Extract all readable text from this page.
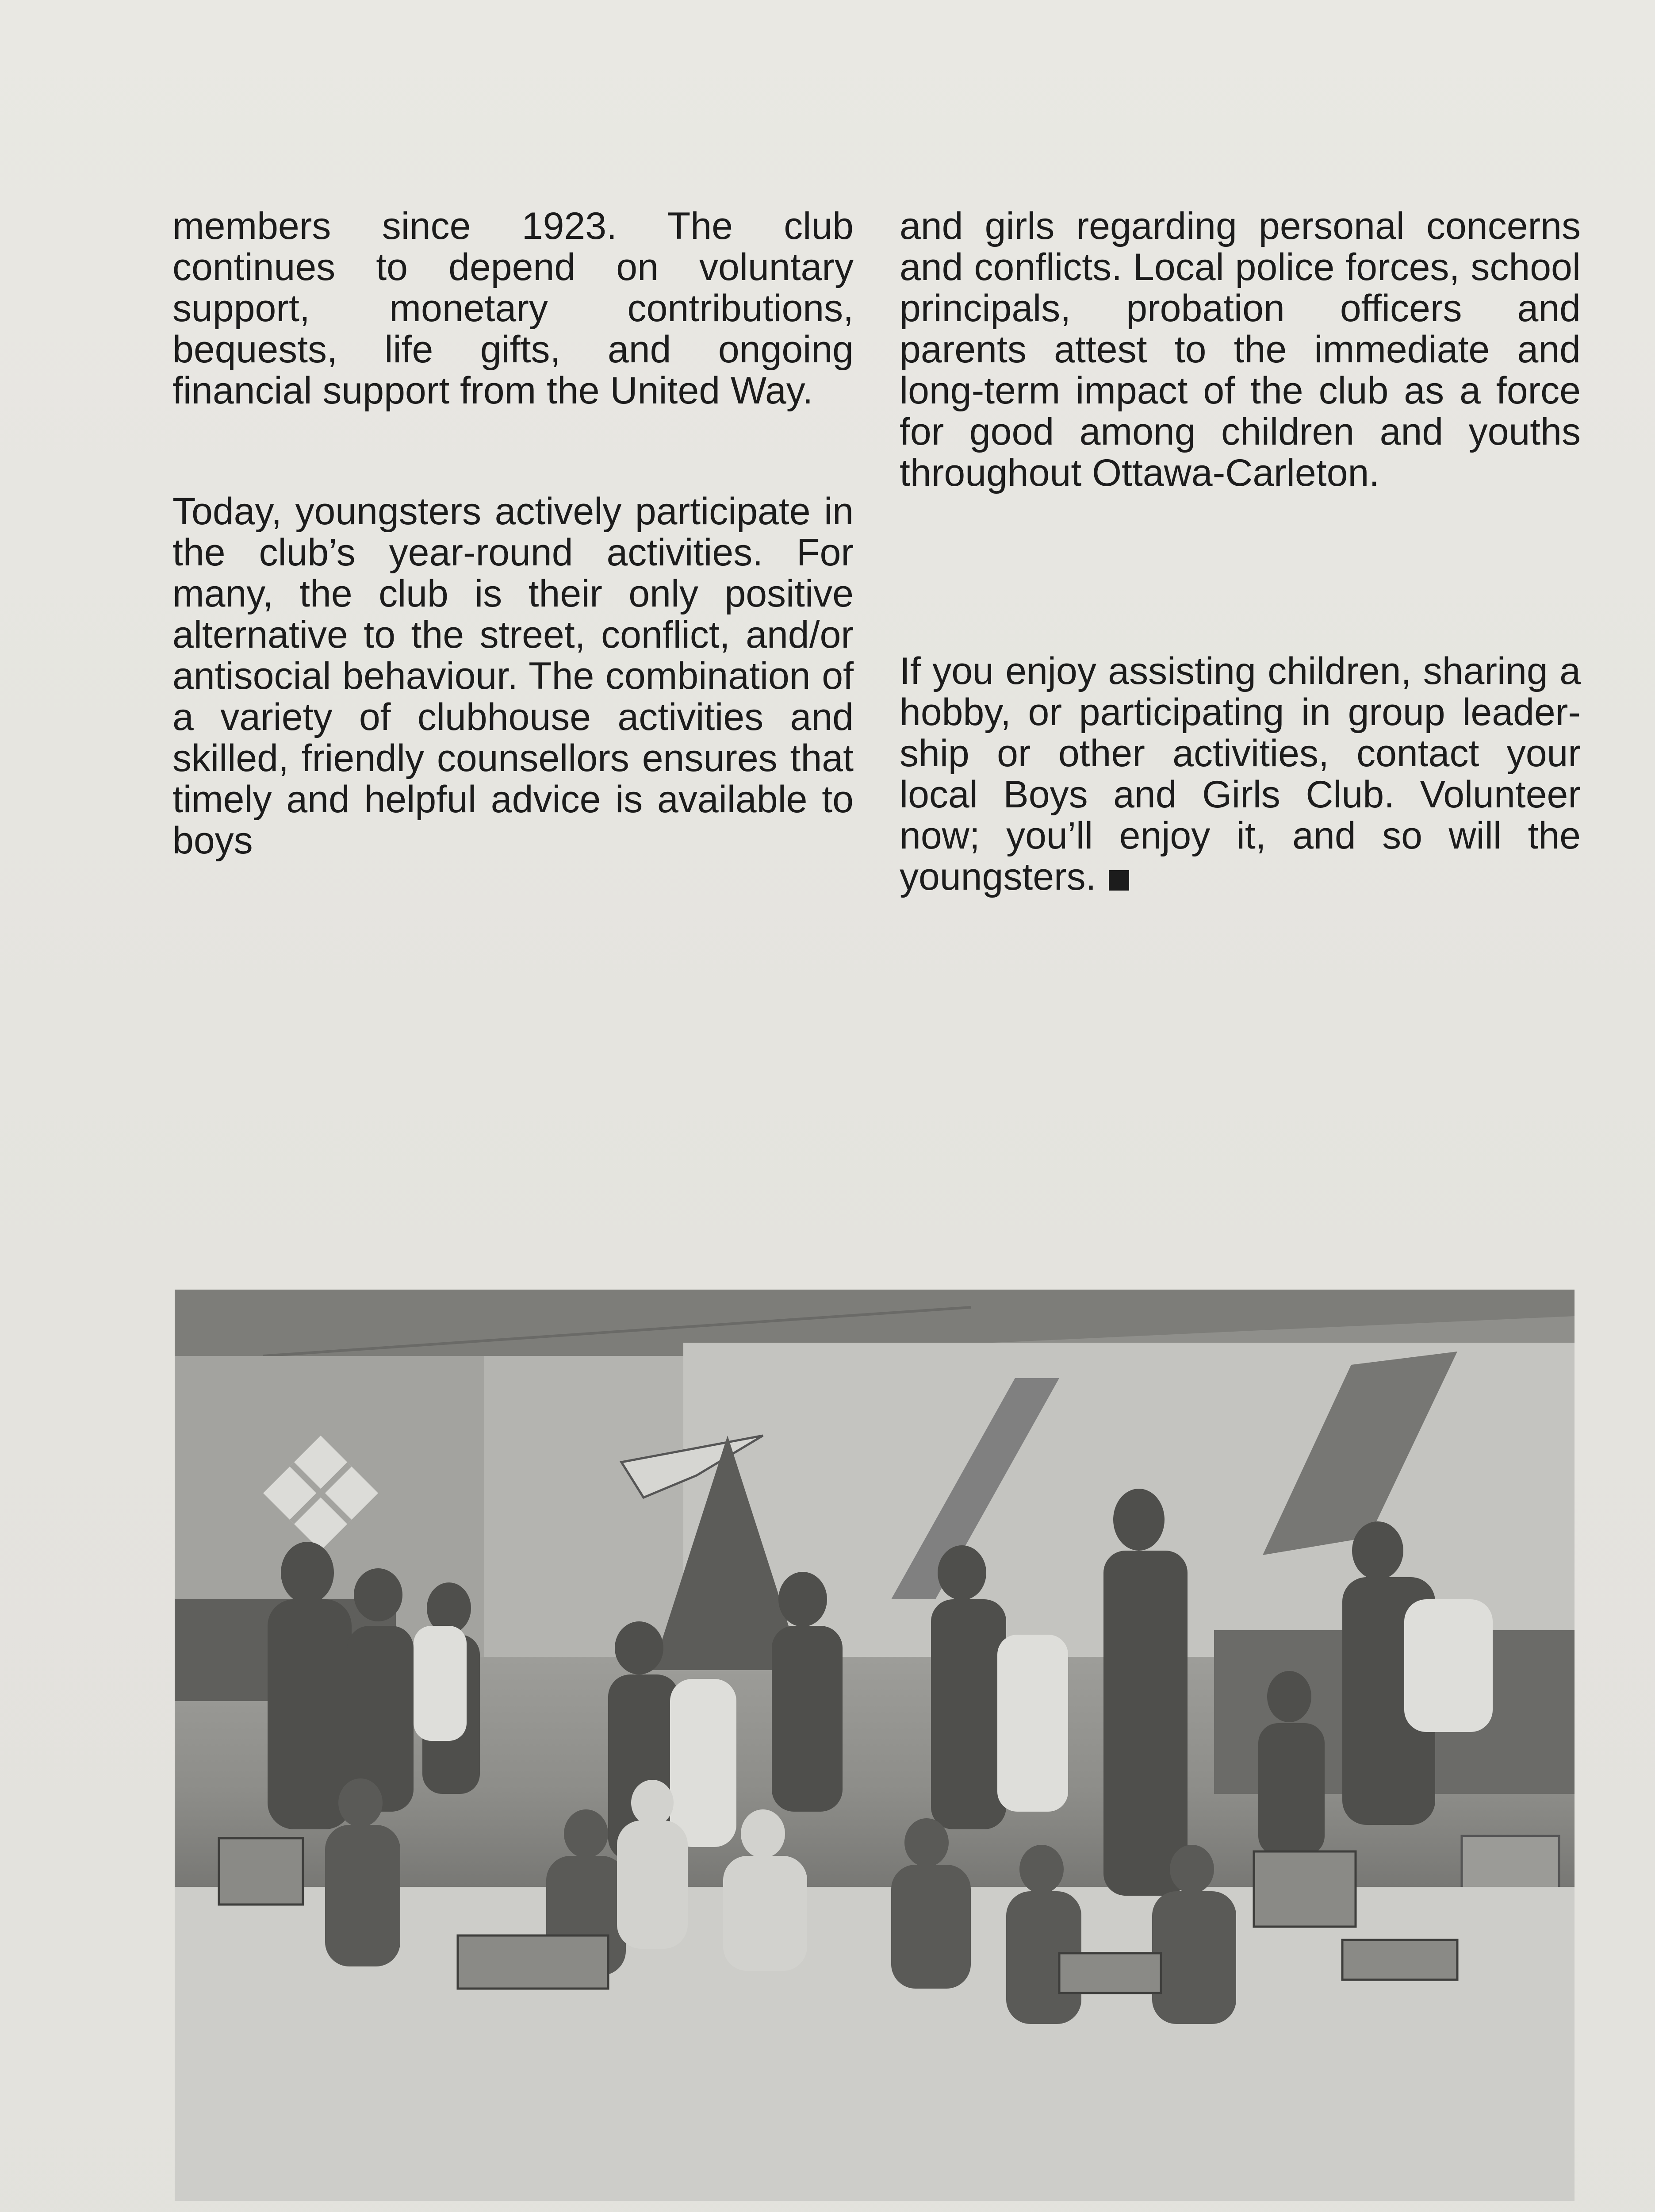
members since 1923. The club continues to depend on voluntary support, monetary contributions, bequests, life gifts, and ongoing financial support from the United Way.

Today, youngsters actively participate in the club’s year-round activities. For many, the club is their only positive alternative to the street, conflict, and/or antisocial behaviour. The combination of a variety of clubhouse activities and skilled, friendly counsellors ensures that timely and helpful advice is available to boys

and girls regarding personal concerns and conflicts. Local police forces, school principals, probation officers and parents attest to the immediate and long-term impact of the club as a force for good among children and youths throughout Ottawa-Carleton.

If you enjoy assisting children, sharing a hobby, or participating in group leadership or other activities, contact your local Boys and Girls Club. Volunteer now; you’ll enjoy it, and so will the youngsters.
